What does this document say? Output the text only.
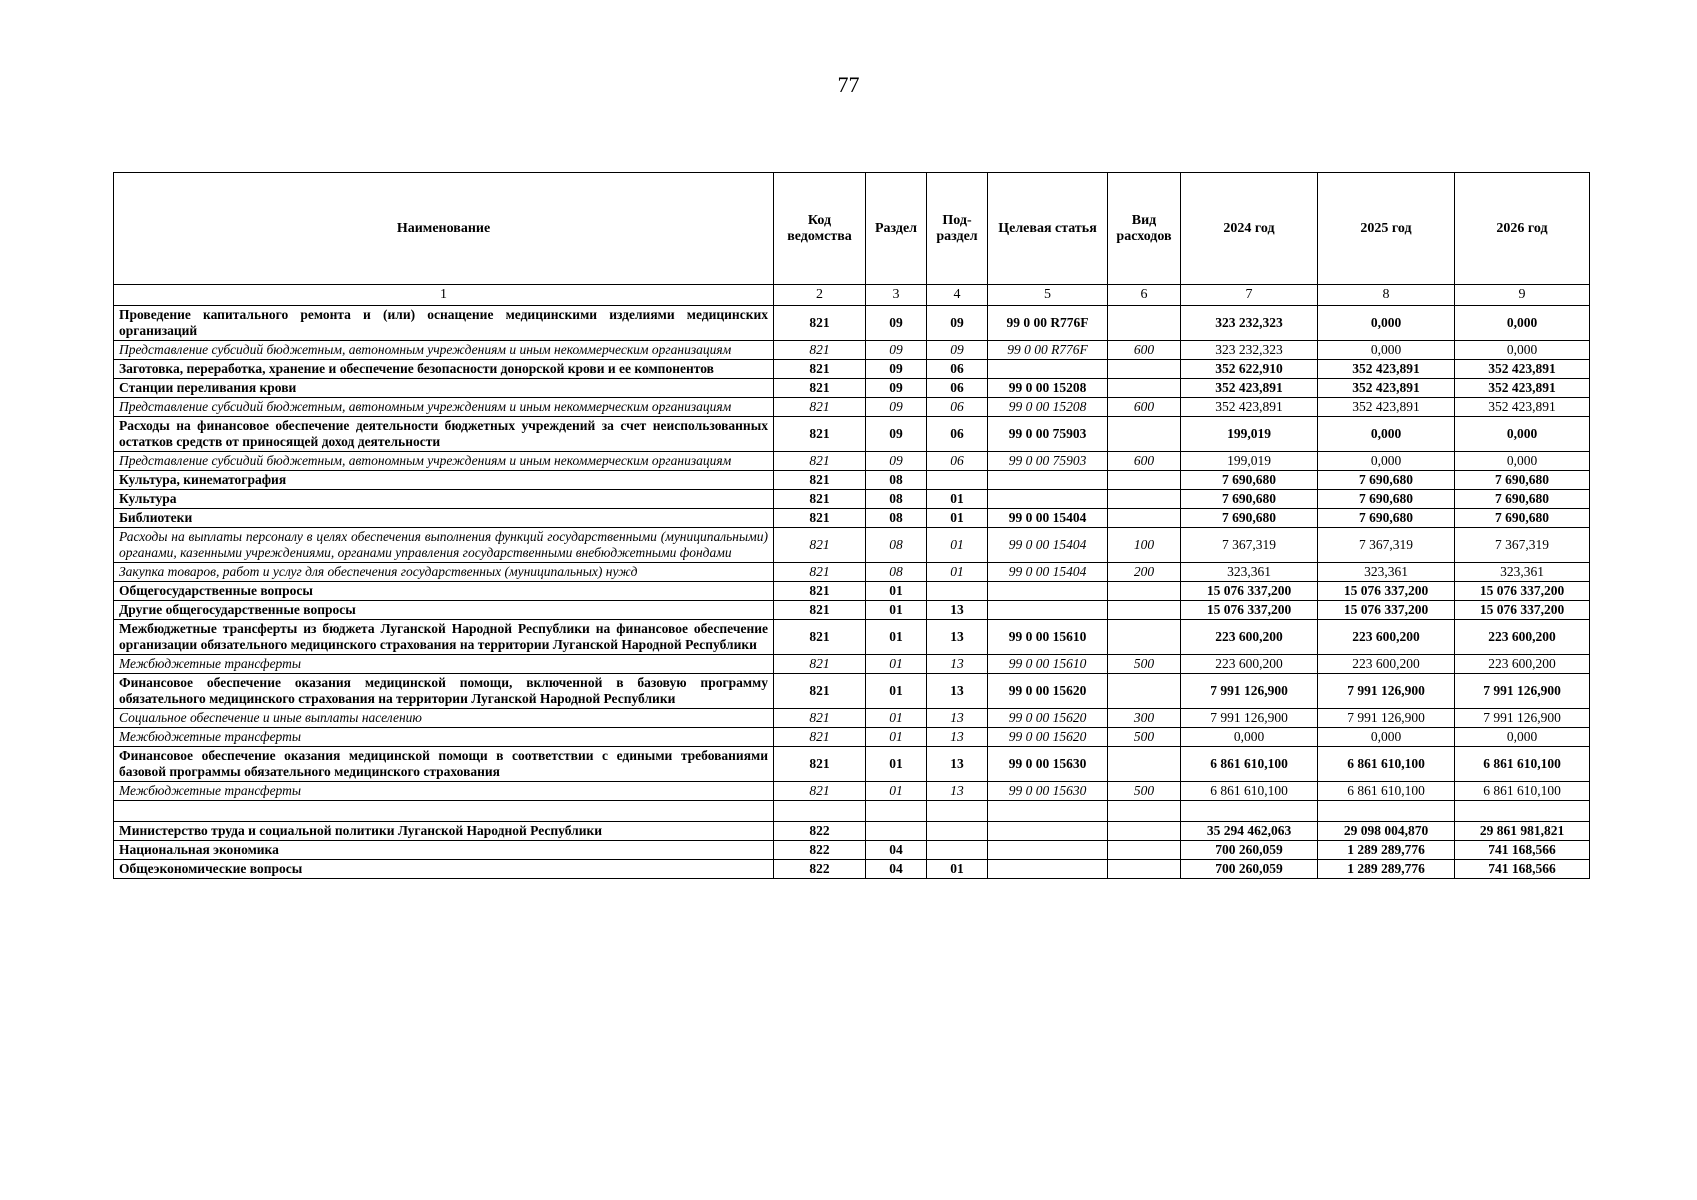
77
Наименование	Код ведомства	Раздел	Под- раздел	Целевая статья	Вид расходов	2024 год	2025 год	2026 год
1	2	3	4	5	6	7	8	9
Проведение капитального ремонта и (или) оснащение медицинскими изделиями медицинских организаций	821	09	09	99 0 00 R776F		323 232,323	0,000	0,000
Представление субсидий бюджетным, автономным учреждениям и иным некоммерческим организациям	821	09	09	99 0 00 R776F	600	323 232,323	0,000	0,000
Заготовка, переработка, хранение и обеспечение безопасности донорской крови и ее компонентов	821	09	06			352 622,910	352 423,891	352 423,891
Станции переливания крови	821	09	06	99 0 00 15208		352 423,891	352 423,891	352 423,891
Представление субсидий бюджетным, автономным учреждениям и иным некоммерческим организациям	821	09	06	99 0 00 15208	600	352 423,891	352 423,891	352 423,891
Расходы на финансовое обеспечение деятельности бюджетных учреждений за счет неиспользованных остатков средств от приносящей доход деятельности	821	09	06	99 0 00 75903		199,019	0,000	0,000
Представление субсидий бюджетным, автономным учреждениям и иным некоммерческим организациям	821	09	06	99 0 00 75903	600	199,019	0,000	0,000
Культура, кинематография	821	08				7 690,680	7 690,680	7 690,680
Культура	821	08	01			7 690,680	7 690,680	7 690,680
Библиотеки	821	08	01	99 0 00 15404		7 690,680	7 690,680	7 690,680
Расходы на выплаты персоналу в целях обеспечения выполнения функций государственными (муниципальными) органами, казенными учреждениями, органами управления государственными внебюджетными фондами	821	08	01	99 0 00 15404	100	7 367,319	7 367,319	7 367,319
Закупка товаров, работ и услуг для обеспечения государственных (муниципальных) нужд	821	08	01	99 0 00 15404	200	323,361	323,361	323,361
Общегосударственные вопросы	821	01				15 076 337,200	15 076 337,200	15 076 337,200
Другие общегосударственные вопросы	821	01	13			15 076 337,200	15 076 337,200	15 076 337,200
Межбюджетные трансферты из бюджета Луганской Народной Республики на финансовое обеспечение организации обязательного медицинского страхования на территории Луганской Народной Республики	821	01	13	99 0 00 15610		223 600,200	223 600,200	223 600,200
Межбюджетные трансферты	821	01	13	99 0 00 15610	500	223 600,200	223 600,200	223 600,200
Финансовое обеспечение оказания медицинской помощи, включенной в базовую программу обязательного медицинского страхования на территории Луганской Народной Республики	821	01	13	99 0 00 15620		7 991 126,900	7 991 126,900	7 991 126,900
Социальное обеспечение и иные выплаты населению	821	01	13	99 0 00 15620	300	7 991 126,900	7 991 126,900	7 991 126,900
Межбюджетные трансферты	821	01	13	99 0 00 15620	500	0,000	0,000	0,000
Финансовое обеспечение оказания медицинской помощи в соответствии с едиными требованиями базовой программы обязательного медицинского страхования	821	01	13	99 0 00 15630		6 861 610,100	6 861 610,100	6 861 610,100
Межбюджетные трансферты	821	01	13	99 0 00 15630	500	6 861 610,100	6 861 610,100	6 861 610,100

Министерство труда и социальной политики Луганской Народной Республики	822					35 294 462,063	29 098 004,870	29 861 981,821
Национальная экономика	822	04				700 260,059	1 289 289,776	741 168,566
Общеэкономические вопросы	822	04	01			700 260,059	1 289 289,776	741 168,566
